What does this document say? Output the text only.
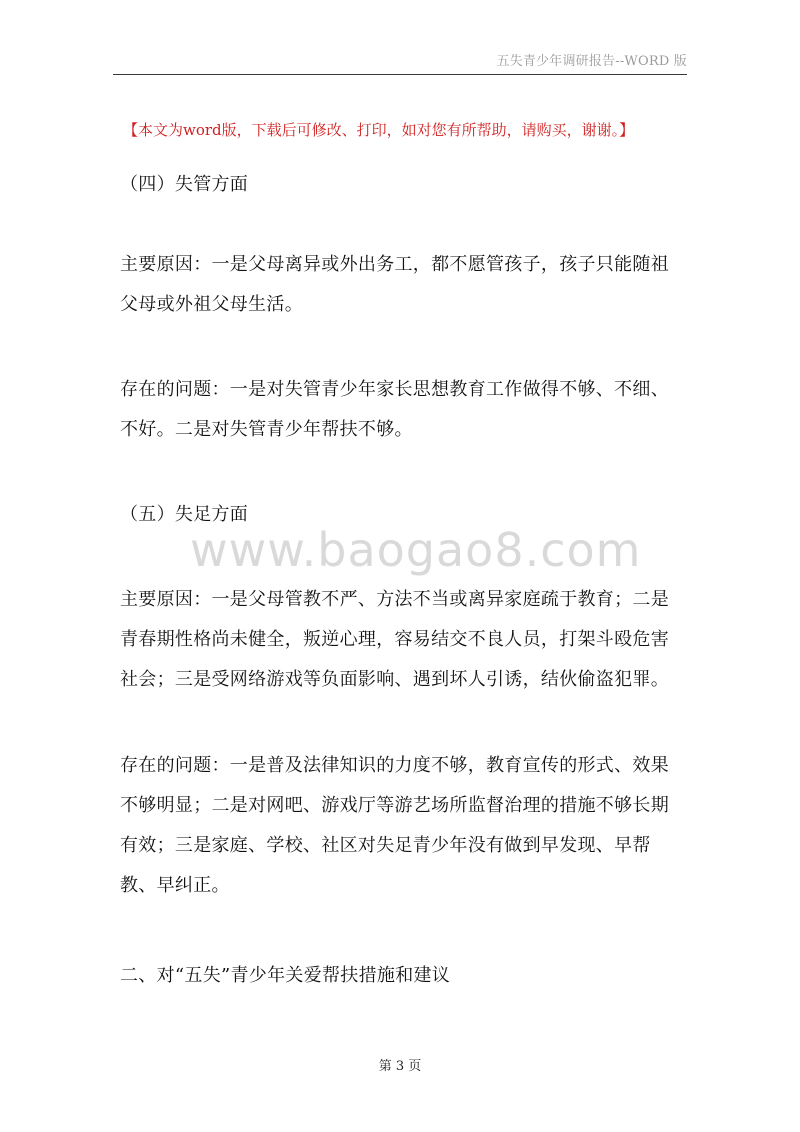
五失青少年调研报告--WORD 版
【本文为word版，下载后可修改、打印，如对您有所帮助，请购买，谢谢。】
（四）失管方面
主要原因：一是父母离异或外出务工，都不愿管孩子，孩子只能随祖父母或外祖父母生活。
存在的问题：一是对失管青少年家长思想教育工作做得不够、不细、不好。二是对失管青少年帮扶不够。
（五）失足方面
www.baogao8.com
主要原因：一是父母管教不严、方法不当或离异家庭疏于教育；二是青春期性格尚未健全，叛逆心理，容易结交不良人员，打架斗殴危害社会；三是受网络游戏等负面影响、遇到坏人引诱，结伙偷盗犯罪。
存在的问题：一是普及法律知识的力度不够，教育宣传的形式、效果不够明显；二是对网吧、游戏厅等游艺场所监督治理的措施不够长期有效；三是家庭、学校、社区对失足青少年没有做到早发现、早帮教、早纠正。
二、对“五失”青少年关爱帮扶措施和建议
第 3 页
